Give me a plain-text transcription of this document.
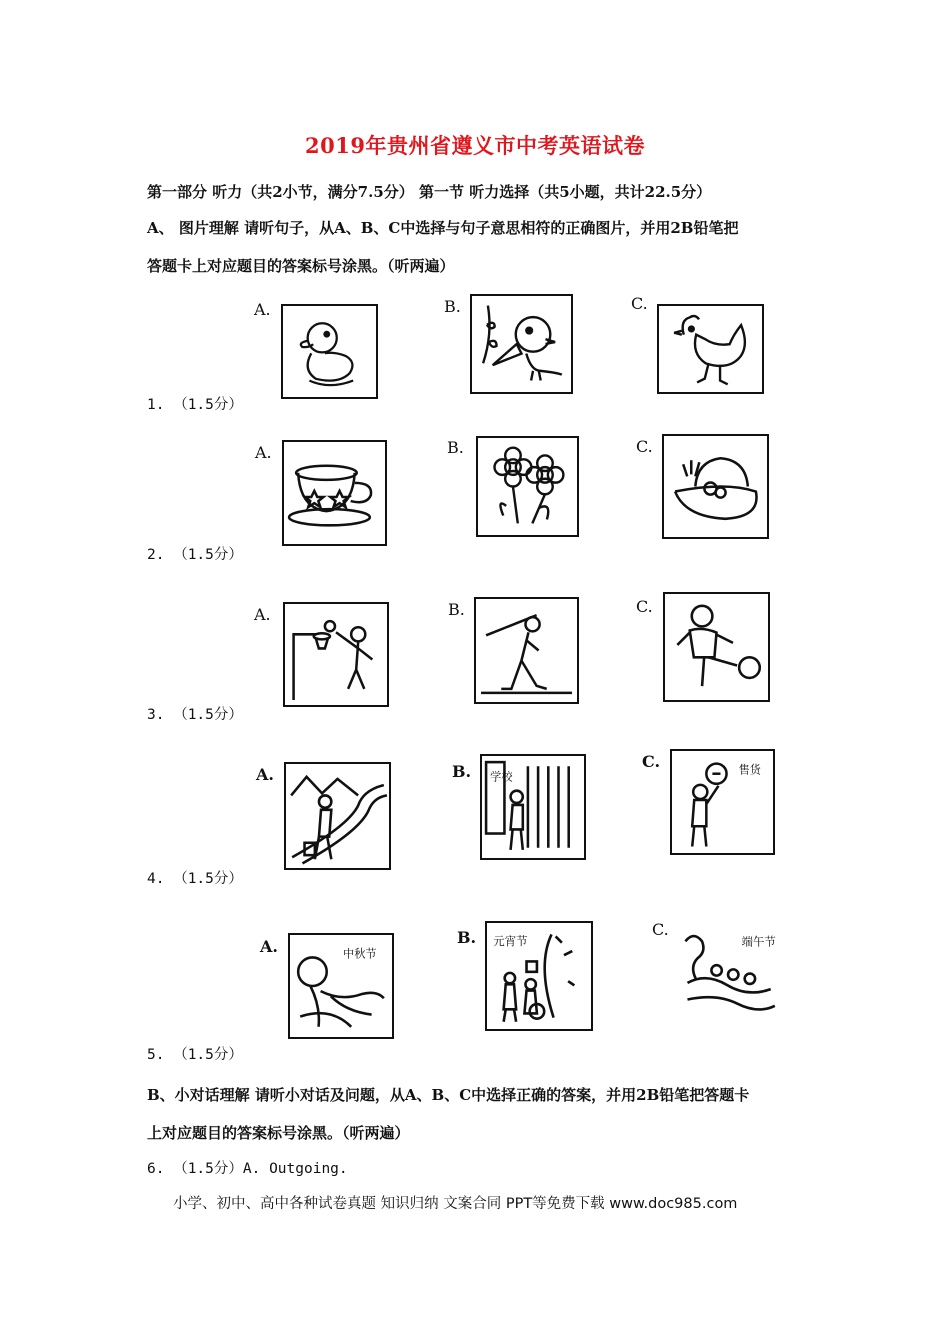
2019年贵州省遵义市中考英语试卷
第一部分 听力（共2小节，满分7.5分） 第一节 听力选择（共5小题，共计22.5分）
A、 图片理解 请听句子，从A、B、C中选择与句子意思相符的正确图片，并用2B铅笔把
答题卡上对应题目的答案标号涂黑。（听两遍）
A.	B.	C.
1. （1.5分）
A.	B.	C.
2. （1.5分）
A.	B.	C.
3. （1.5分）
A.	B. 学校
C.	售货
4. （1.5分）
A.	中秋节
B. 元宵节
C.
端午节
5. （1.5分）
B、小对话理解 请听小对话及问题，从A、B、C中选择正确的答案，并用2B铅笔把答题卡
上对应题目的答案标号涂黑。（听两遍）
6. （1.5分）A. Outgoing.
小学、初中、高中各种试卷真题 知识归纳 文案合同 PPT等免费下载 www.doc985.com
